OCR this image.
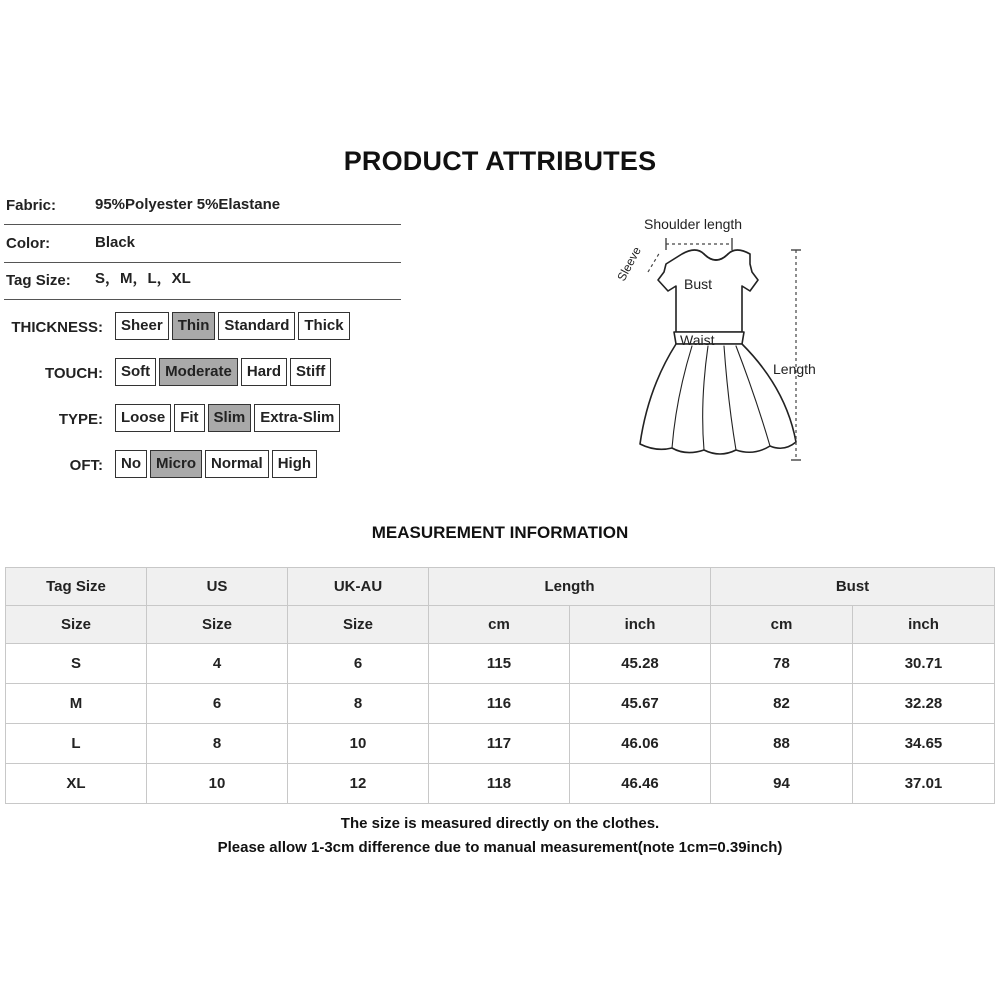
PRODUCT ATTRIBUTES
Fabric:	95%Polyester 5%Elastane
Color:	Black
Tag Size: S，M，L，XL
THICKNESS:	Sheer	Thin	Standard	Thick
TOUCH:	Soft	Moderate	Hard	Stiff
TYPE:	Loose	Fit	Slim	Extra-Slim
OFT:	No	Micro	Normal	High
Shoulder length
Sleeve
Bust
Waist
Length
MEASUREMENT INFORMATION
Tag Size	US	UK-AU	Length		Bust	
Size	Size	Size	cm	inch	cm	inch
S	4	6	115	45.28	78	30.71
M	6	8	116	45.67	82	32.28
L	8	10	117	46.06	88	34.65
XL	10	12	118	46.46	94	37.01
The size is measured directly on the clothes.
Please allow 1-3cm difference due to manual measurement(note 1cm=0.39inch)
